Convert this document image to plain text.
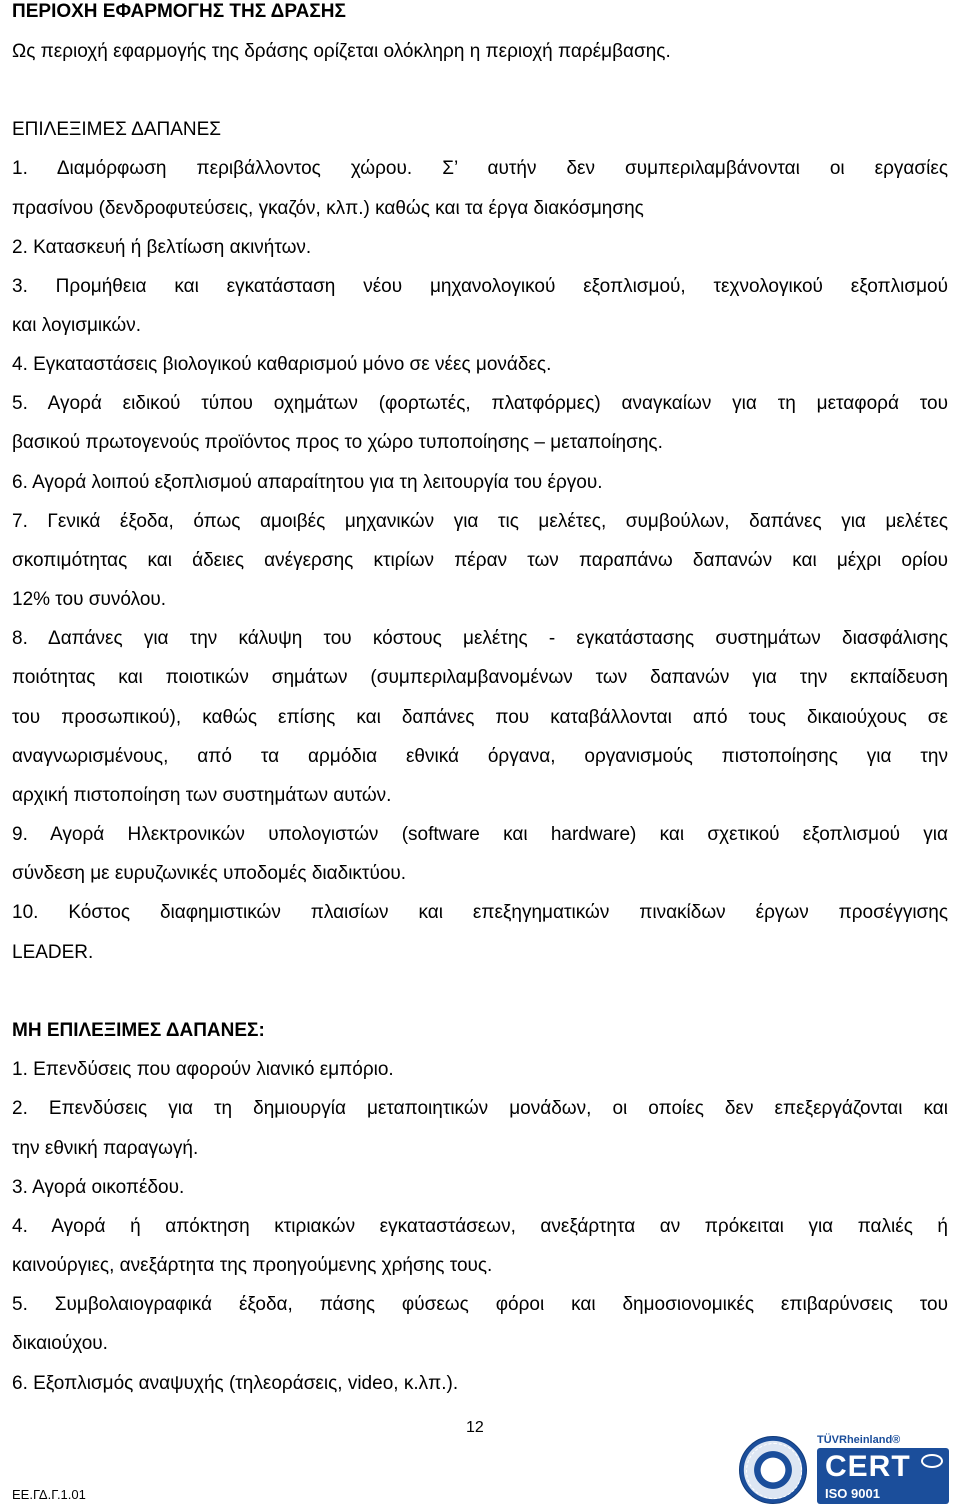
ΠΕΡΙΟΧΗ ΕΦΑΡΜΟΓΗΣ ΤΗΣ ΔΡΑΣΗΣ
Ως περιοχή εφαρμογής της δράσης ορίζεται ολόκληρη η περιοχή παρέμβασης.
ΕΠΙΛΕΞΙΜΕΣ ΔΑΠΑΝΕΣ
1. Διαμόρφωση περιβάλλοντος χώρου. Σ’ αυτήν δεν συμπεριλαμβάνονται οι εργασίες
πρασίνου (δενδροφυτεύσεις, γκαζόν, κλπ.) καθώς και τα έργα διακόσμησης
2. Κατασκευή ή βελτίωση ακινήτων.
3. Προμήθεια και εγκατάσταση νέου μηχανολογικού εξοπλισμού, τεχνολογικού εξοπλισμού
και λογισμικών.
4. Εγκαταστάσεις βιολογικού καθαρισμού μόνο σε νέες μονάδες.
5. Αγορά ειδικού τύπου οχημάτων (φορτωτές, πλατφόρμες) αναγκαίων για τη μεταφορά του
βασικού πρωτογενούς προϊόντος προς το χώρο τυποποίησης – μεταποίησης.
6. Αγορά λοιπού εξοπλισμού απαραίτητου για τη λειτουργία του έργου.
7. Γενικά έξοδα, όπως αμοιβές μηχανικών για τις μελέτες, συμβούλων, δαπάνες για μελέτες
σκοπιμότητας και άδειες ανέγερσης κτιρίων πέραν των παραπάνω δαπανών και μέχρι ορίου
12% του συνόλου.
8. Δαπάνες για την κάλυψη του κόστους μελέτης - εγκατάστασης συστημάτων διασφάλισης
ποιότητας και ποιοτικών σημάτων (συμπεριλαμβανομένων των δαπανών για την εκπαίδευση
του προσωπικού), καθώς επίσης και δαπάνες που καταβάλλονται από τους δικαιούχους σε
αναγνωρισμένους, από τα αρμόδια εθνικά όργανα, οργανισμούς πιστοποίησης για την
αρχική πιστοποίηση των συστημάτων αυτών.
9. Αγορά Ηλεκτρονικών υπολογιστών (software και hardware) και σχετικού εξοπλισμού για
σύνδεση με ευρυζωνικές υποδομές διαδικτύου.
10. Κόστος διαφημιστικών πλαισίων και επεξηγηματικών πινακίδων έργων προσέγγισης
LEADER.
ΜΗ ΕΠΙΛΕΞΙΜΕΣ ΔΑΠΑΝΕΣ:
1. Επενδύσεις που αφορούν λιανικό εμπόριο.
2. Επενδύσεις για τη δημιουργία μεταποιητικών μονάδων, οι οποίες δεν επεξεργάζονται και
την εθνική παραγωγή.
3. Αγορά οικοπέδου.
4. Αγορά ή απόκτηση κτιριακών εγκαταστάσεων, ανεξάρτητα αν πρόκειται για παλιές ή
καινούργιες, ανεξάρτητα της προηγούμενης χρήσης τους.
5. Συμβολαιογραφικά έξοδα, πάσης φύσεως φόροι και δημοσιονομικές επιβαρύνσεις του
δικαιούχου.
6. Εξοπλισμός αναψυχής (τηλεοράσεις, video, κ.λπ.).
12
ΕΕ.ΓΔ.Γ.1.01
TÜVRheinland®
CERT
ISO 9001
